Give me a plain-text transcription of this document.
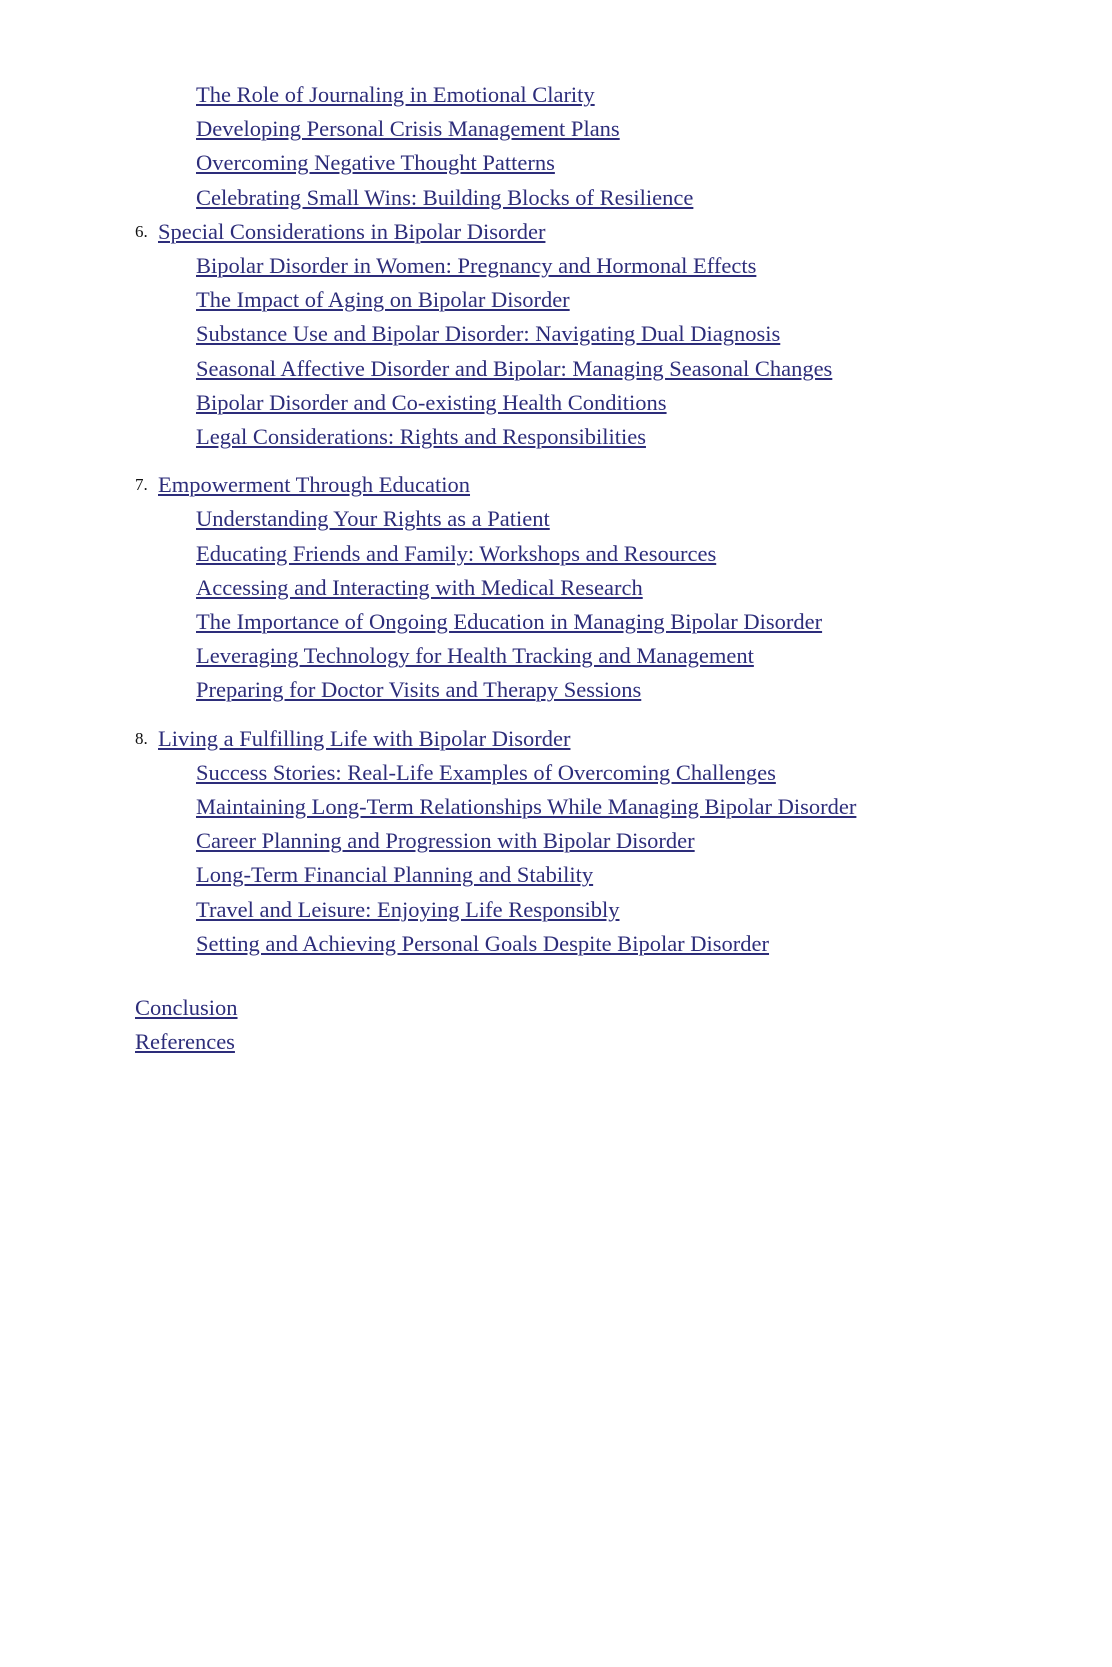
The Role of Journaling in Emotional Clarity
Developing Personal Crisis Management Plans
Overcoming Negative Thought Patterns
Celebrating Small Wins: Building Blocks of Resilience
6. Special Considerations in Bipolar Disorder
Bipolar Disorder in Women: Pregnancy and Hormonal Effects
The Impact of Aging on Bipolar Disorder
Substance Use and Bipolar Disorder: Navigating Dual Diagnosis
Seasonal Affective Disorder and Bipolar: Managing Seasonal Changes
Bipolar Disorder and Co-existing Health Conditions
Legal Considerations: Rights and Responsibilities
7. Empowerment Through Education
Understanding Your Rights as a Patient
Educating Friends and Family: Workshops and Resources
Accessing and Interacting with Medical Research
The Importance of Ongoing Education in Managing Bipolar Disorder
Leveraging Technology for Health Tracking and Management
Preparing for Doctor Visits and Therapy Sessions
8. Living a Fulfilling Life with Bipolar Disorder
Success Stories: Real-Life Examples of Overcoming Challenges
Maintaining Long-Term Relationships While Managing Bipolar Disorder
Career Planning and Progression with Bipolar Disorder
Long-Term Financial Planning and Stability
Travel and Leisure: Enjoying Life Responsibly
Setting and Achieving Personal Goals Despite Bipolar Disorder
Conclusion
References
